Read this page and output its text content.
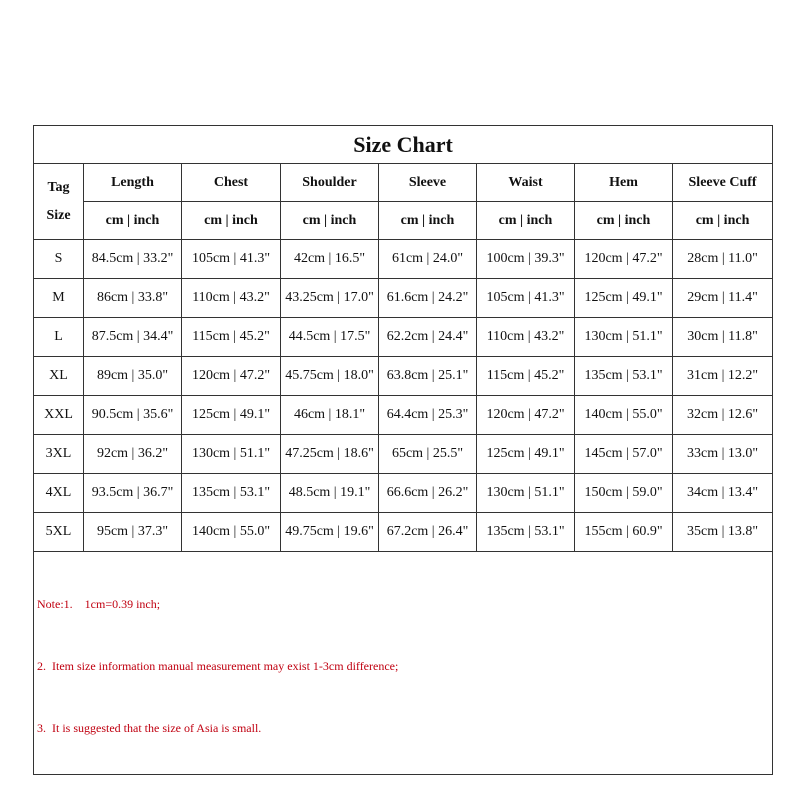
Size Chart							

Tag
Size	Length	Chest	Shoulder	Sleeve	Waist	Hem	Sleeve Cuff
	cm | inch	cm | inch	cm | inch	cm | inch	cm | inch	cm | inch	cm | inch
S	84.5cm | 33.2"	105cm | 41.3"	42cm | 16.5"	61cm | 24.0"	100cm | 39.3"	120cm | 47.2"	28cm | 11.0"
M	86cm | 33.8"	110cm | 43.2"	43.25cm | 17.0"	61.6cm | 24.2"	105cm | 41.3"	125cm | 49.1"	29cm | 11.4"
L	87.5cm | 34.4"	115cm | 45.2"	44.5cm | 17.5"	62.2cm | 24.4"	110cm | 43.2"	130cm | 51.1"	30cm | 11.8"
XL	89cm | 35.0"	120cm | 47.2"	45.75cm | 18.0"	63.8cm | 25.1"	115cm | 45.2"	135cm | 53.1"	31cm | 12.2"
XXL	90.5cm | 35.6"	125cm | 49.1"	46cm | 18.1"	64.4cm | 25.3"	120cm | 47.2"	140cm | 55.0"	32cm | 12.6"
3XL	92cm | 36.2"	130cm | 51.1"	47.25cm | 18.6"	65cm | 25.5"	125cm | 49.1"	145cm | 57.0"	33cm | 13.0"
4XL	93.5cm | 36.7"	135cm | 53.1"	48.5cm | 19.1"	66.6cm | 26.2"	130cm | 51.1"	150cm | 59.0"	34cm | 13.4"
5XL	95cm | 37.3"	140cm | 55.0"	49.75cm | 19.6"	67.2cm | 26.4"	135cm | 53.1"	155cm | 60.9"	35cm | 13.8"

Note:1.    1cm=0.39 inch;

2.  Item size information manual measurement may exist 1-3cm difference;

3.  It is suggested that the size of Asia is small.							
